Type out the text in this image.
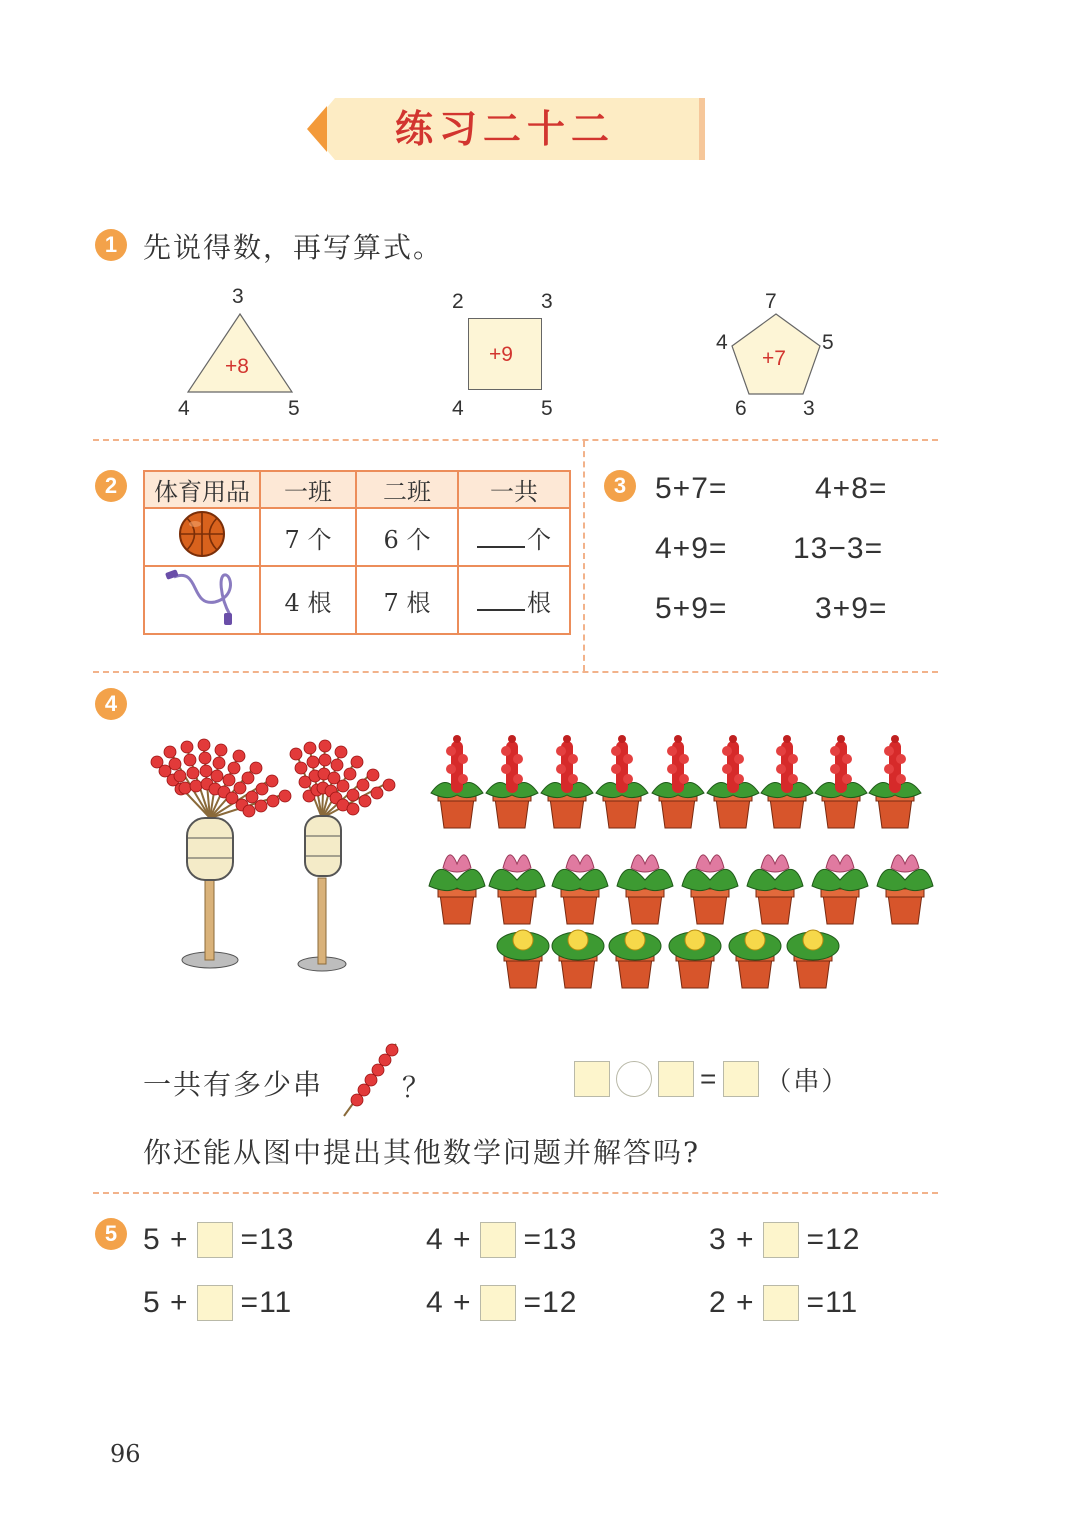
练习二十二
1 先说得数，再写算式。
3
4	5
+8
2	3
4	5
+9
7
4	5
6	3
+7
2	体育用品	一班	二班	一共
	7 个	6 个	个
	4 根	7 根	根
3 5+7=	4+8=
4+9= 13−3=
5+9=	3+9=
4
一共有多少串	？	= （串）
你还能从图中提出其他数学问题并解答吗?
5 5 + =13	4 + =13	3 + =12
5 + =11	4 + =12	2 + =11
96
